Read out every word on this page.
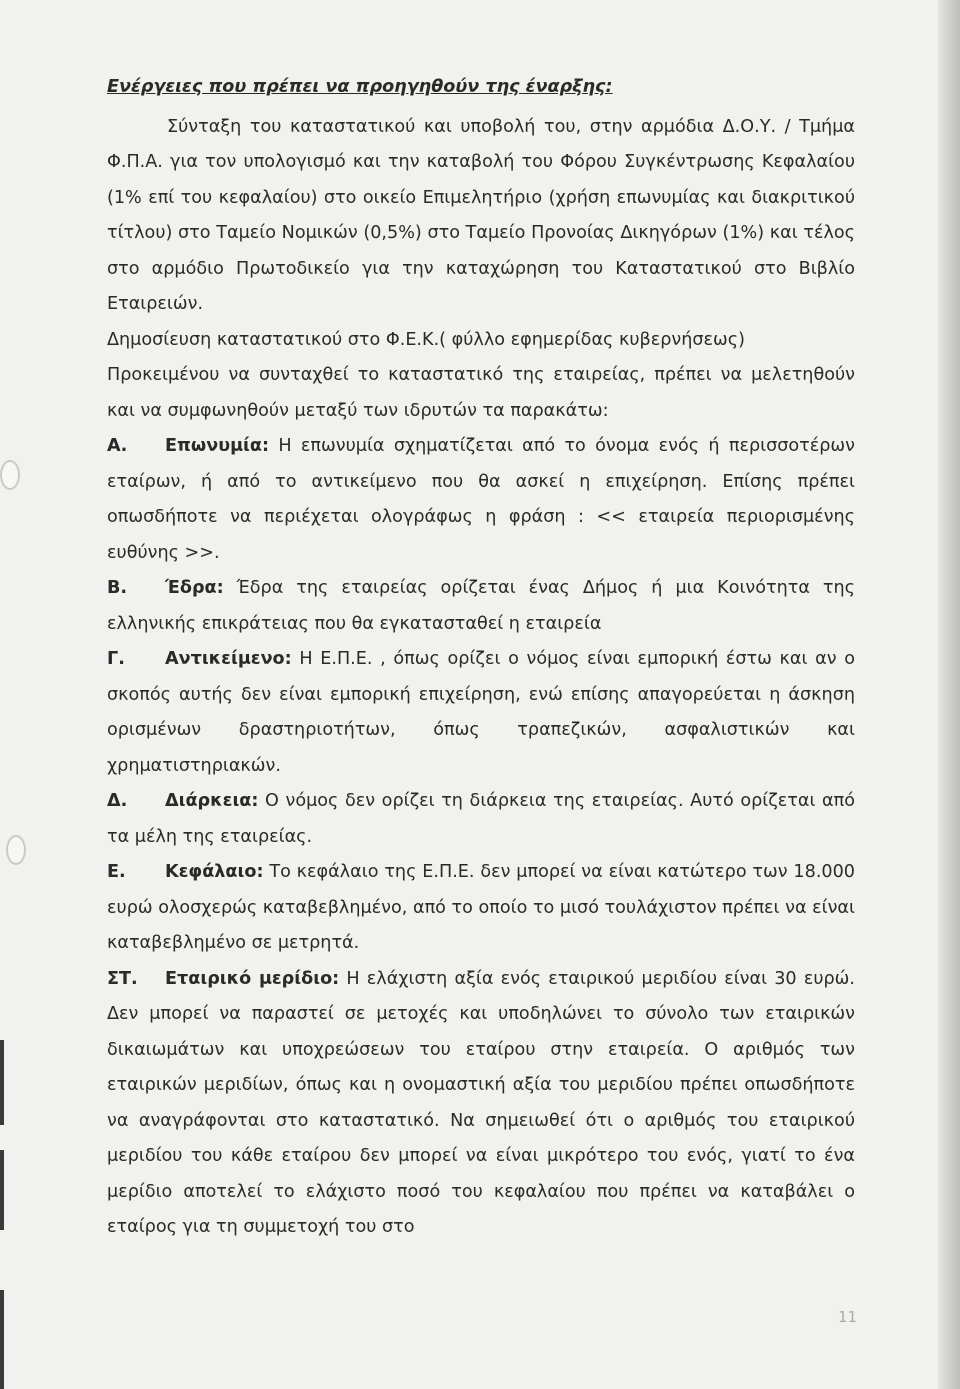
Ενέργειες που πρέπει να προηγηθούν της έναρξης:

Σύνταξη του καταστατικού και υποβολή του, στην αρμόδια Δ.Ο.Υ. / Τμήμα Φ.Π.Α. για τον υπολογισμό και την καταβολή του Φόρου Συγκέντρωσης Κεφαλαίου (1% επί του κεφαλαίου) στο οικείο Επιμελητήριο (χρήση επωνυμίας και διακριτικού τίτλου) στο Ταμείο Νομικών (0,5%) στο Ταμείο Προνοίας Δικηγόρων (1%) και τέλος στο αρμόδιο Πρωτοδικείο για την καταχώρηση του Καταστατικού στο Βιβλίο Εταιρειών.

Δημοσίευση καταστατικού στο Φ.Ε.Κ.( φύλλο εφημερίδας κυβερνήσεως)

Προκειμένου να συνταχθεί το καταστατικό της εταιρείας, πρέπει να μελετηθούν και να συμφωνηθούν μεταξύ των ιδρυτών τα παρακάτω:

Α. Επωνυμία: Η επωνυμία σχηματίζεται από το όνομα ενός ή περισσοτέρων εταίρων, ή από το αντικείμενο που θα ασκεί η επιχείρηση. Επίσης πρέπει οπωσδήποτε να περιέχεται ολογράφως η φράση : << εταιρεία περιορισμένης ευθύνης >>.

Β. Έδρα: Έδρα της εταιρείας ορίζεται ένας Δήμος ή μια Κοινότητα της ελληνικής επικράτειας που θα εγκατασταθεί η εταιρεία

Γ. Αντικείμενο: Η Ε.Π.Ε. , όπως ορίζει ο νόμος είναι εμπορική έστω και αν ο σκοπός αυτής δεν είναι εμπορική επιχείρηση, ενώ επίσης απαγορεύεται η άσκηση ορισμένων δραστηριοτήτων, όπως τραπεζικών, ασφαλιστικών και χρηματιστηριακών.

Δ. Διάρκεια: Ο νόμος δεν ορίζει τη διάρκεια της εταιρείας. Αυτό ορίζεται από τα μέλη της εταιρείας.

Ε. Κεφάλαιο: Το κεφάλαιο της Ε.Π.Ε. δεν μπορεί να είναι κατώτερο των 18.000 ευρώ ολοσχερώς καταβεβλημένο, από το οποίο το μισό τουλάχιστον πρέπει να είναι καταβεβλημένο σε μετρητά.

ΣΤ. Εταιρικό μερίδιο: Η ελάχιστη αξία ενός εταιρικού μεριδίου είναι 30 ευρώ. Δεν μπορεί να παραστεί σε μετοχές και υποδηλώνει το σύνολο των εταιρικών δικαιωμάτων και υποχρεώσεων του εταίρου στην εταιρεία. Ο αριθμός των εταιρικών μεριδίων, όπως και η ονομαστική αξία του μεριδίου πρέπει οπωσδήποτε να αναγράφονται στο καταστατικό. Να σημειωθεί ότι ο αριθμός του εταιρικού μεριδίου του κάθε εταίρου δεν μπορεί να είναι μικρότερο του ενός, γιατί το ένα μερίδιο αποτελεί το ελάχιστο ποσό του κεφαλαίου που πρέπει να καταβάλει ο εταίρος για τη συμμετοχή του στο

11
